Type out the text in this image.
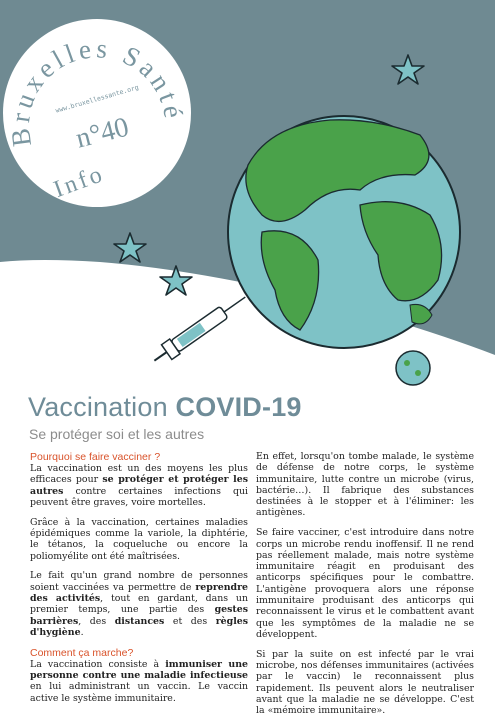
Bruxelles Santé
www.bruxellessante.org
n°40
Info
Vaccination COVID-19
Se protéger soi et les autres
Pourquoi se faire vacciner ?

La vaccination est un des moyens les plus efficaces pour se protéger et protéger les autres contre certaines infections qui peuvent être graves, voire mortelles.

Grâce à la vaccination, certaines maladies épidémiques comme la variole, la diphtérie, le tétanos, la coqueluche ou encore la poliomyélite ont été maîtrisées.

Le fait qu'un grand nombre de personnes soient vaccinées va permettre de reprendre des activités, tout en gardant, dans un premier temps, une partie des gestes barrières, des distances et des règles d'hygiène.

Comment ça marche?

La vaccination consiste à immuniser une personne contre une maladie infectieuse en lui administrant un vaccin. Le vaccin active le système immunitaire.

En effet, lorsqu'on tombe malade, le système de défense de notre corps, le système immunitaire, lutte contre un microbe (virus, bactérie…). Il fabrique des substances destinées à le stopper et à l'éliminer: les antigènes.

Se faire vacciner, c'est introduire dans notre corps un microbe rendu inoffensif. Il ne rend pas réellement malade, mais notre système immunitaire réagit en produisant des anticorps spécifiques pour le combattre. L'antigène provoquera alors une réponse immunitaire produisant des anticorps qui reconnaissent le virus et le combattent avant que les symptômes de la maladie ne se développent.

Si par la suite on est infecté par le vrai microbe, nos défenses immunitaires (activées par le vaccin) le reconnaissent plus rapidement. Ils peuvent alors le neutraliser avant que la maladie ne se développe. C'est la «mémoire immunitaire».
